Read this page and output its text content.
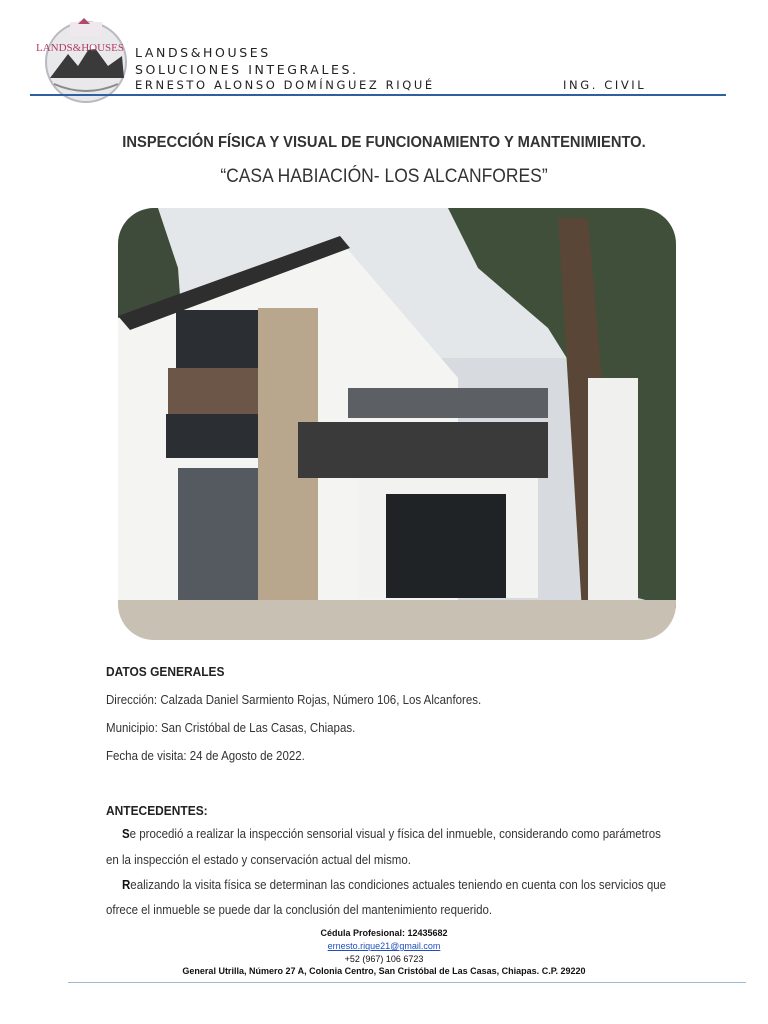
LANDS&HOUSES LANDS&HOUSES
SOLUCIONES INTEGRALES.
ERNESTO ALONSO DOMÍNGUEZ RIQUÉ	ING. CIVIL
INSPECCIÓN FÍSICA Y VISUAL DE FUNCIONAMIENTO Y MANTENIMIENTO.
“CASA HABIACIÓN- LOS ALCANFORES”
DATOS GENERALES
Dirección: Calzada Daniel Sarmiento Rojas, Número 106, Los Alcanfores.
Municipio: San Cristóbal de Las Casas, Chiapas.
Fecha de visita: 24 de Agosto de 2022.
ANTECEDENTES:
Se procedió a realizar la inspección sensorial visual y física del inmueble, considerando como parámetros
en la inspección el estado y conservación actual del mismo.
Realizando la visita física se determinan las condiciones actuales teniendo en cuenta con los servicios que
ofrece el inmueble se puede dar la conclusión del mantenimiento requerido.
Cédula Profesional: 12435682
ernesto.rique21@gmail.com
+52 (967) 106 6723
General Utrilla, Número 27 A, Colonia Centro, San Cristóbal de Las Casas, Chiapas. C.P. 29220
